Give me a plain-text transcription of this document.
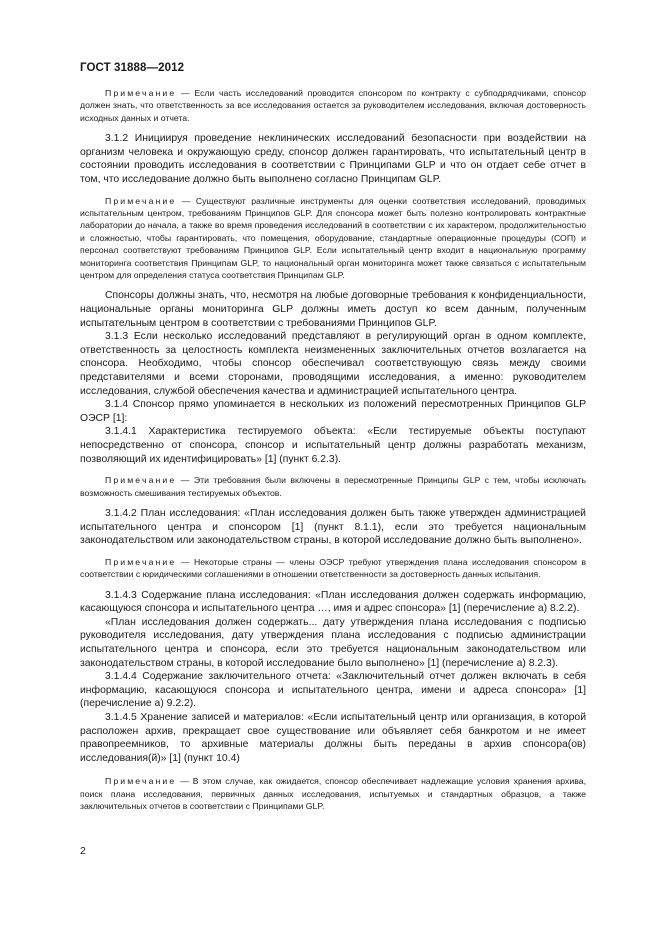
ГОСТ 31888—2012

Примечание — Если часть исследований проводится спонсором по контракту с субподрядчиками, спонсор должен знать, что ответственность за все исследования остается за руководителем исследования, включая достоверность исходных данных и отчета.

3.1.2 Инициируя проведение неклинических исследований безопасности при воздействии на организм человека и окружающую среду, спонсор должен гарантировать, что испытательный центр в состоянии проводить исследования в соответствии с Принципами GLP и что он отдает себе отчет в том, что исследование должно быть выполнено согласно Принципам GLP.

Примечание — Существуют различные инструменты для оценки соответствия исследований, проводимых испытательным центром, требованиям Принципов GLP. Для спонсора может быть полезно контролировать контрактные лаборатории до начала, а также во время проведения исследований в соответствии с их характером, продолжительностью и сложностью, чтобы гарантировать, что помещения, оборудование, стандартные операционные процедуры (СОП) и персонал соответствуют требованиям Принципов GLP. Если испытательный центр входит в национальную программу мониторинга соответствия Принципам GLP, то национальный орган мониторинга может также связаться с испытательным центром для определения статуса соответствия Принципам GLP.

Спонсоры должны знать, что, несмотря на любые договорные требования к конфиденциальности, национальные органы мониторинга GLP должны иметь доступ ко всем данным, полученным испытательным центром в соответствии с требованиями Принципов GLP.

3.1.3 Если несколько исследований представляют в регулирующий орган в одном комплекте, ответственность за целостность комплекта неизмененных заключительных отчетов возлагается на спонсора. Необходимо, чтобы спонсор обеспечивал соответствующую связь между своими представителями и всеми сторонами, проводящими исследования, а именно: руководителем исследования, службой обеспечения качества и администрацией испытательного центра.

3.1.4 Спонсор прямо упоминается в нескольких из положений пересмотренных Принципов GLP ОЭСР [1]:

3.1.4.1 Характеристика тестируемого объекта: «Если тестируемые объекты поступают непосредственно от спонсора, спонсор и испытательный центр должны разработать механизм, позволяющий их идентифицировать» [1] (пункт 6.2.3).

Примечание — Эти требования были включены в пересмотренные Принципы GLP с тем, чтобы исключать возможность смешивания тестируемых объектов.

3.1.4.2 План исследования: «План исследования должен быть также утвержден администрацией испытательного центра и спонсором [1] (пункт 8.1.1), если это требуется национальным законодательством или законодательством страны, в которой исследование должно быть выполнено».

Примечание — Некоторые страны — члены ОЭСР требуют утверждения плана исследования спонсором в соответствии с юридическими соглашениями в отношении ответственности за достоверность данных испытания.

3.1.4.3 Содержание плана исследования: «План исследования должен содержать информацию, касающуюся спонсора и испытательного центра …, имя и адрес спонсора» [1] (перечисление а) 8.2.2).

«План исследования должен содержать... дату утверждения плана исследования с подписью руководителя исследования, дату утверждения плана исследования с подписью администрации испытательного центра и спонсора, если это требуется национальным законодательством или законодательством страны, в которой исследование было выполнено» [1] (перечисление а) 8.2.3).

3.1.4.4 Содержание заключительного отчета: «Заключительный отчет должен включать в себя информацию, касающуюся спонсора и испытательного центра, имени и адреса спонсора» [1] (перечисление а) 9.2.2).

3.1.4.5 Хранение записей и материалов: «Если испытательный центр или организация, в которой расположен архив, прекращает свое существование или объявляет себя банкротом и не имеет правопреемников, то архивные материалы должны быть переданы в архив спонсора(ов) исследования(й)» [1] (пункт 10.4)

Примечание — В этом случае, как ожидается, спонсор обеспечивает надлежащие условия хранения архива, поиск плана исследования, первичных данных исследования, испытуемых и стандартных образцов, а также заключительных отчетов в соответствии с Принципами GLP.

2
